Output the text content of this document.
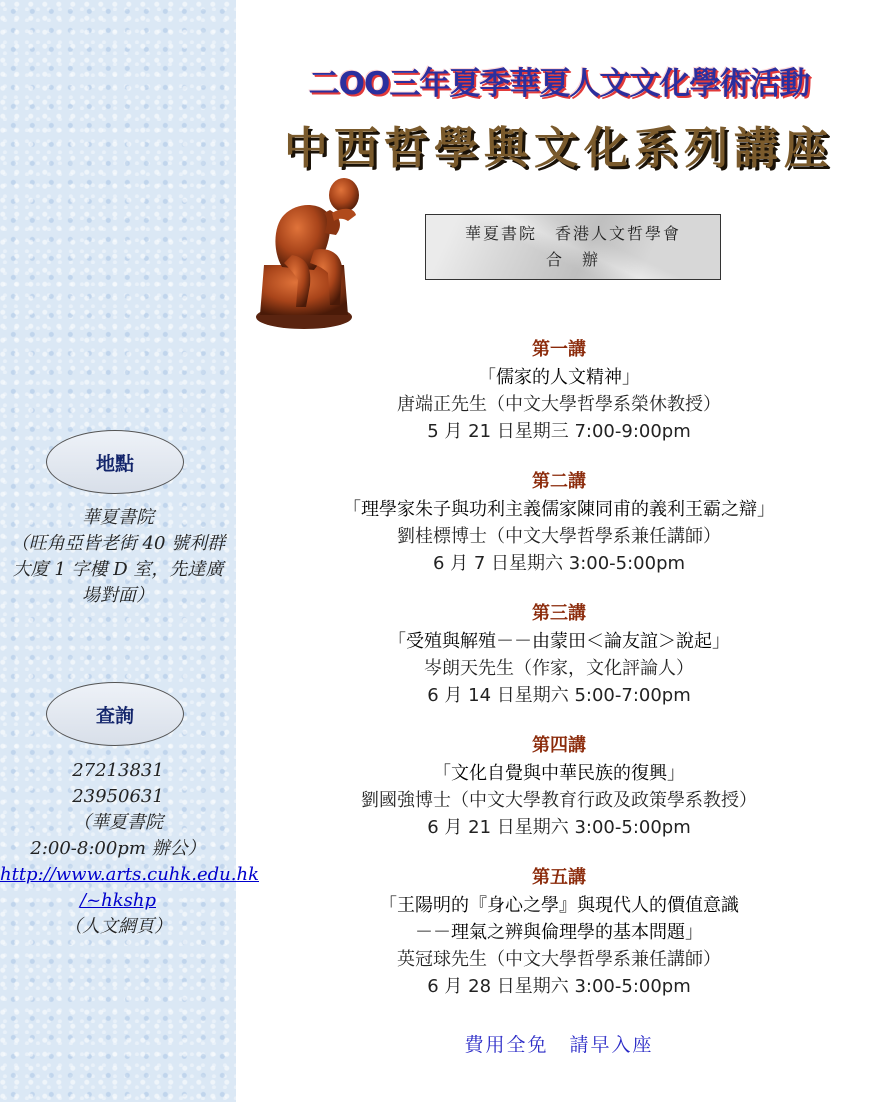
地點
華夏書院
（旺角亞皆老街 40 號利群
大廈 1 字樓 D 室，先達廣
場對面）
查詢
27213831
23950631
（華夏書院
2:00-8:00pm 辦公）
http://www.arts.cuhk.edu.hk
/~hkshp
（人文網頁）
二OO三年夏季華夏人文文化學術活動
中西哲學與文化系列講座
華夏書院　香港人文哲學會
合　辦
第一講
「儒家的人文精神」
唐端正先生（中文大學哲學系榮休教授）
5 月 21 日星期三 7:00-9:00pm
第二講
「理學家朱子與功利主義儒家陳同甫的義利王霸之辯」
劉桂標博士（中文大學哲學系兼任講師）
6 月 7 日星期六 3:00-5:00pm
第三講
「受殖與解殖－－由蒙田＜論友誼＞說起」
岑朗天先生（作家，文化評論人）
6 月 14 日星期六 5:00-7:00pm
第四講
「文化自覺與中華民族的復興」
劉國強博士（中文大學教育行政及政策學系教授）
6 月 21 日星期六 3:00-5:00pm
第五講
「王陽明的『身心之學』與現代人的價值意識
－－理氣之辨與倫理學的基本問題」
英冠球先生（中文大學哲學系兼任講師）
6 月 28 日星期六 3:00-5:00pm
費用全免　請早入座
